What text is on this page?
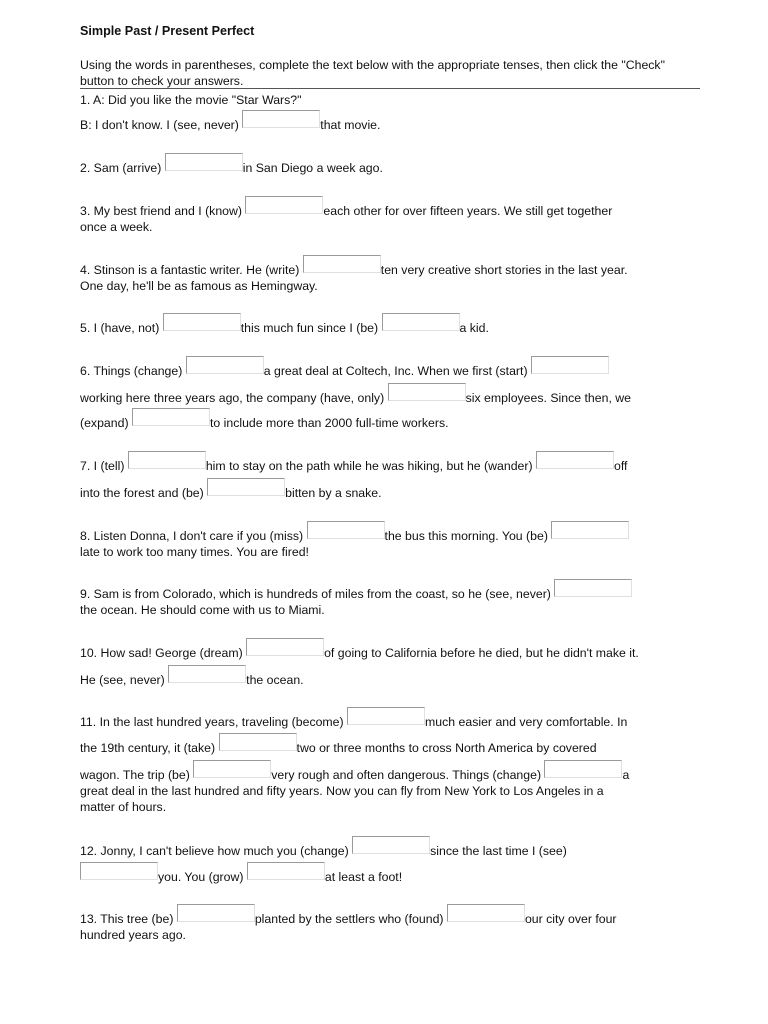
Simple Past / Present Perfect
Using the words in parentheses, complete the text below with the appropriate tenses, then click the "Check" button to check your answers.
1. A: Did you like the movie "Star Wars?"
B: I don't know. I (see, never)	that movie.
2. Sam (arrive)	in San Diego a week ago.
3. My best friend and I (know)	each other for over fifteen years. We still get together
once a week.
4. Stinson is a fantastic writer. He (write)	ten very creative short stories in the last year.
One day, he'll be as famous as Hemingway.
5. I (have, not)	this much fun since I (be)	a kid.
6. Things (change)	a great deal at Coltech, Inc. When we first (start)
working here three years ago, the company (have, only)	six employees. Since then, we
(expand)	to include more than 2000 full-time workers.
7. I (tell)	him to stay on the path while he was hiking, but he (wander)	off
into the forest and (be)	bitten by a snake.
8. Listen Donna, I don't care if you (miss)	the bus this morning. You (be)
late to work too many times. You are fired!
9. Sam is from Colorado, which is hundreds of miles from the coast, so he (see, never)
the ocean. He should come with us to Miami.
10. How sad! George (dream)	of going to California before he died, but he didn't make it.
He (see, never)	the ocean.
11. In the last hundred years, traveling (become)	much easier and very comfortable. In
the 19th century, it (take)	two or three months to cross North America by covered
wagon. The trip (be)	very rough and often dangerous. Things (change)	a
great deal in the last hundred and fifty years. Now you can fly from New York to Los Angeles in a
matter of hours.
12. Jonny, I can't believe how much you (change)	since the last time I (see)
you. You (grow)	at least a foot!
13. This tree (be)	planted by the settlers who (found)	our city over four
hundred years ago.
